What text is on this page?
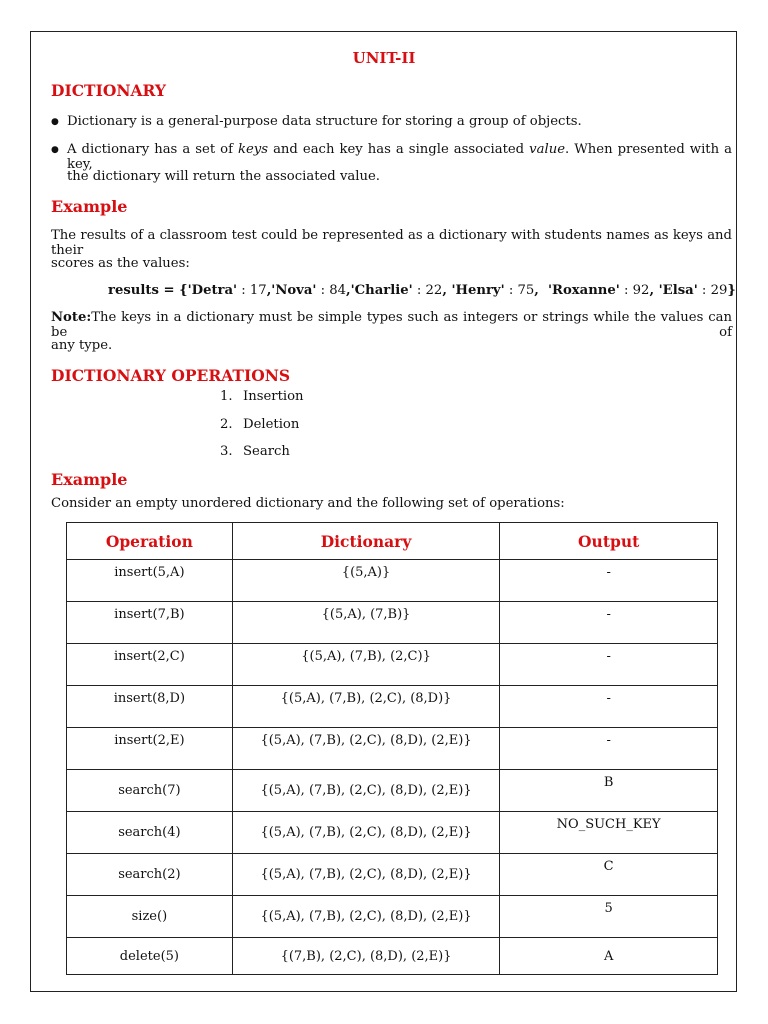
UNIT-II
DICTIONARY
● Dictionary is a general-purpose data structure for storing a group of objects.
● A dictionary has a set of keys and each key has a single associated value. When presented with a key,
the dictionary will return the associated value.
Example
The results of a classroom test could be represented as a dictionary with students names as keys and their
scores as the values:
results = {'Detra' : 17,'Nova' : 84,'Charlie' : 22, 'Henry' : 75,  'Roxanne' : 92, 'Elsa' : 29}
Note:The keys in a dictionary must be simple types such as integers or strings while the values can be of
any type.
DICTIONARY OPERATIONS
1. Insertion
2. Deletion
3. Search
Example
Consider an empty unordered dictionary and the following set of operations:
Operation	Dictionary	Output
insert(5,A)	{(5,A)}	-
insert(7,B)	{(5,A), (7,B)}	-
insert(2,C)	{(5,A), (7,B), (2,C)}	-
insert(8,D)	{(5,A), (7,B), (2,C), (8,D)}	-
insert(2,E)	{(5,A), (7,B), (2,C), (8,D), (2,E)}	-
search(7)	{(5,A), (7,B), (2,C), (8,D), (2,E)}	B
search(4)	{(5,A), (7,B), (2,C), (8,D), (2,E)}	NO_SUCH_KEY
search(2)	{(5,A), (7,B), (2,C), (8,D), (2,E)}	C
size()	{(5,A), (7,B), (2,C), (8,D), (2,E)}	5
delete(5)	{(7,B), (2,C), (8,D), (2,E)}	A
